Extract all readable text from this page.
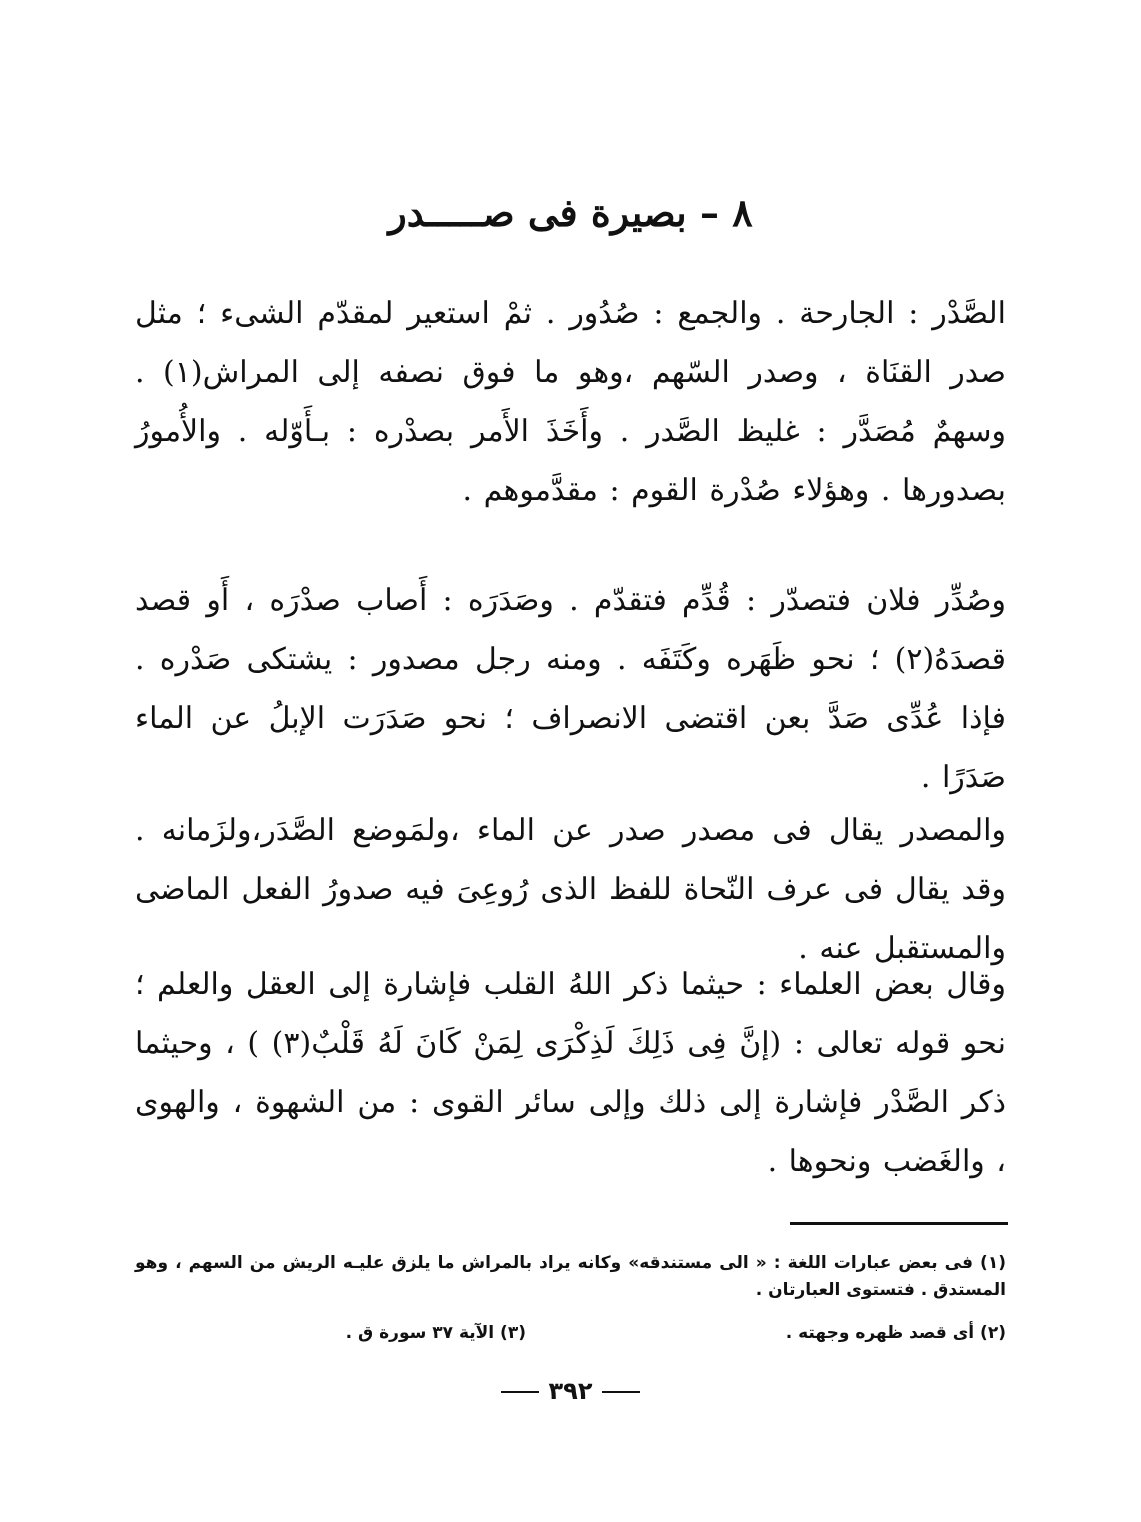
٨ – بصيرة فى صـــــدر

الصَّدْر : الجارحة . والجمع : صُدُور . ثمْ استعير لمقدّم الشىء ؛ مثل صدر القنَاة ، وصدر السّهم ،وهو ما فوق نصفه إلى المراش(١) . وسهمٌ مُصَدَّر : غليظ الصَّدر . وأَخَذَ الأَمر بصدْره : بـأَوّله . والأُمورُ بصدورها . وهؤلاء صُدْرة القوم : مقدَّموهم .

وصُدِّر فلان فتصدّر : قُدِّم فتقدّم . وصَدَرَه : أَصاب صدْرَه ، أَو قصد قصدَهُ(٢) ؛ نحو ظَهَره وكَتَفَه . ومنه رجل مصدور : يشتكى صَدْره . فإذا عُدِّى صَدَّ بعن اقتضى الانصراف ؛ نحو صَدَرَت الإبلُ عن الماء صَدَرًا .

والمصدر يقال فى مصدر صدر عن الماء ،ولمَوضع الصَّدَر،ولزَمانه . وقد يقال فى عرف النّحاة للفظ الذى رُوعِىَ فيه صدورُ الفعل الماضى والمستقبل عنه .

وقال بعض العلماء : حيثما ذكر اللهُ القلب فإشارة إلى العقل والعلم ؛ نحو قوله تعالى : (إنَّ فِى ذَلِكَ لَذِكْرَى لِمَنْ كَانَ لَهُ قَلْبٌ(٣) ) ، وحيثما ذكر الصَّدْر فإشارة إلى ذلك وإلى سائر القوى : من الشهوة ، والهوى ، والغَضب ونحوها .

(١) فى بعض عبارات اللغة : « الى مستندقه» وكانه يراد بالمراش ما يلزق عليـه الريش من السهم ، وهو المستدق . فتستوى العبارتان .

(٢) أى قصد ظهره وجهته .

(٣) الآية ٣٧ سورة ق .

٣٩٢
